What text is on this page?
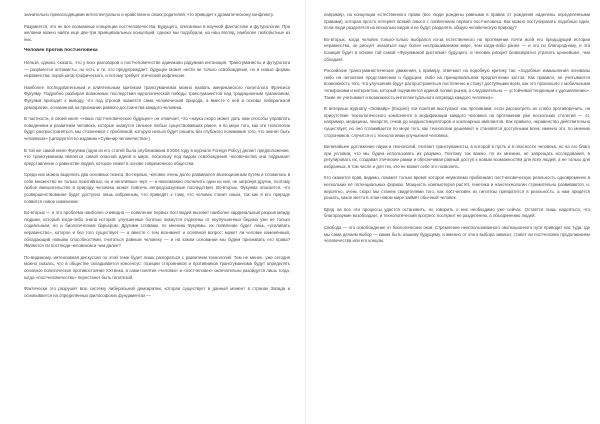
значительно превосходящими интеллектуально и нравственно своих родителей, что приводит к драматическому конфликту.

Разумеется, это не все возможные концепции постчеловечества. Будущего, описанные в научной фантастике и футурологии. При желании можно найти еще две-три принципиальных концепций, однако мы подобрали, на наш взгляд, наиболее любопытные из них.

Человек против постчеловека

Нельзя, однако, сказать, что у всех разговоров о постчеловечестве одинаково радужная интонация. Трансгуманисты и футурологи — разумеется оптимисты, но есть и те, кто предупреждает: будущее может нести не только освобождение, но и новые формы неравенства, порой катастрофического, и потому требует этической рефлексии.

Наиболее последовательным и влиятельным критиком трансгуманизма можно назвать американского политолога Фрэнсиса Фукуяму. Подробно разбирая возможные последствия идеологической победы трансгуманистов над традиционным гуманизмом, Фукуяма приходит к выводу, что под угрозой окажется сама человеческая природа, а вместе с ней и основы либеральной демократии, основанной на признании равного достоинства каждого человека.

В частности, в своей книге «Наше постчеловеческое будущее» он отмечает, что «наука скоро может дать нам способы управлять поведением и развитием человека, которые окажутся сильнее любых существовавших ранее, и по мере того, как эти технологии будут распространяться, мы столкнемся с проблемой, которую нельзя будет решить без глубокого понимания того, что значит быть человеком» (цитируется по изданию «Сувенир человечества»).

В той же самой книге Фукуяма (одна из его статей была опубликована в 2004 году в журнале Foreign Policy) делает предположение, что трансгуманизм является самой опасной идеей в мире, поскольку под видом освобождения человечества она подрывает представление о равенстве людей, которое лежит в основе современного общества.

Среди них можно выделить два основных тезиса. Во-первых, человек очень долго развивался эволюционным путём и сложилось в себе множество не только позитивных, но и негативных черт — и невозможно отключить одни из них, не затронув другие, поэтому любое вмешательство в природу человека может повлечь непредсказуемые последствия. Во-вторых, Фукуяма опасается, что усовершенствование будет доступно лишь избранным, что приведёт к тому, что человек станет иным, так как в его природе появится новое изменение.

Во-вторых — и это проблема наиболее очевидна — появление первых постлюдей вызовет наиболее кардинальный разрыв между людьми, который когда-либо знала история: улучшенные богатые окажутся отделены от неулучшенных бедных уже не только социальным, но и биологическим барьером. Другими словами, по мнению Фукуямы, их появление будет лишь «усиливать неравенство», которое и без того существует — а вместе с тем возникнет и основной вопрос: может ли человек изменённый, обладающий новыми способностями, считаться равным человеку — и на каком основании мы будем признавать его права? Являются ли постлюди человеком и чем далее?

По-видимому, интенсивная дискуссия по этой теме будет лишь разгораться с развитием технологий. Тем не менее, уже сегодня можно сказать, что в обществе складывается консенсус: позиции сторонников и противников трансгуманизма будут определять основное политическое противостояние XXI века, а сами понятия «человек» и «постчеловек» окончательно разойдутся лишь тогда, когда «постчеловечество» перестанет быть гипотезой.

Фактически это разрушит всю систему либеральной демократии, которая существует в данный момент в странах Запада и основывается на определённых философских фундаментах —

например, на концепции естественного права (все люди рождены равными в правах от рождения наделены определёнными правами), которая просто потеряет всякий смысл с появлением первого постчеловека. Как можно постулировать подобные идеи, если люди разделятся на несколько видов и не будут разделять общую человеческую природу?

Во-вторых, когда человек только-только выбрался из-за естественного на протяжении почти всей его предыдущей истории неравенства, он рискует оказаться еще более неспрашиваемом мире, чем когда-либо ранее — и это по благородному, и эта позиция будет в основе той самой «Фукуяминой дистопии» будущего, и человек рискует безвозвратно утратить ценнейшее, чем обладает.

Российские трансгуманистические движения, к примеру, отвечают на подобную критику так: «подобные измышления основаны либо на неполном представлении о будущем, либо на принципиальном предпочтении застоя. Как правило, не учитывается возможность того, что улучшения будут распространяться постепенно и станут доступными всем, как это произошло с мобильными телефонами и интернетом, который подчиняется единой логике рынка, а следовательно — устойчивой тенденции к удешевлению». Такие не учитывают и возможность интеллектуального апгрейда каждого человека».

В интервью журналу «Эсквайр» (Esquire) эти понятия выступают как противники, если рассмотреть их слабо противоречить, на присутствие технологического компонента в модификации каждого человека на протяжении уже нескольких столетий — от, например, медицины, лекарств, очков до кардиостимуляторов и кохлеарных имплантов. Как правило, неравенство действительно существует, но оно сглаживается по мере того, как технологии дешевеют и становятся доступными всем; именно это, по мнению сторонников, случится и с технологиями улучшения человека.

Величайшее достижение науки и технологий, считают трансгуманисты, в которой в пусть и в опасности человека, но на его благо при условии, что мы будем использовать их разумно. Поэтому так важно, по их мнению, не запрещать исследования, а регулировать их, создавая этические рамки и обеспечивая равный доступ к новым возможностям для всех людей, а не только для избранных, в том числе и для тех, кто не может себе это позволить.

Кто окажется прав, видимо, покажет только время: которое неумолимо приближает постчеловеческую реальность одновременно в нескольких её потенциальных формах. Мощность компьютеров растёт, генетика и нанотехнологии стремительно развиваются, и, вероятно, очень скоро мы станем свидетелями того, как постчеловек из гипотезы превратится в реальность, а нам придётся решать, какое место в этом новом мире займёт обычный человек.

Вряд ли все эти процессы удастся остановить, но говорить о них необходимо уже сейчас. Остаётся лишь надеяться, что благоразумие возобладает, и технологический прогресс послужит не разделению, а объединению людей.

Свобода — это освобождение от биологических оков. Стремление неиспользованного эволюционного пути приводит нас туда, где мы сами делаем выбор — каким быть нашему будущему, и именно от этого выбора зависит, станет ли постчеловек продолжением человечества или его концом.
